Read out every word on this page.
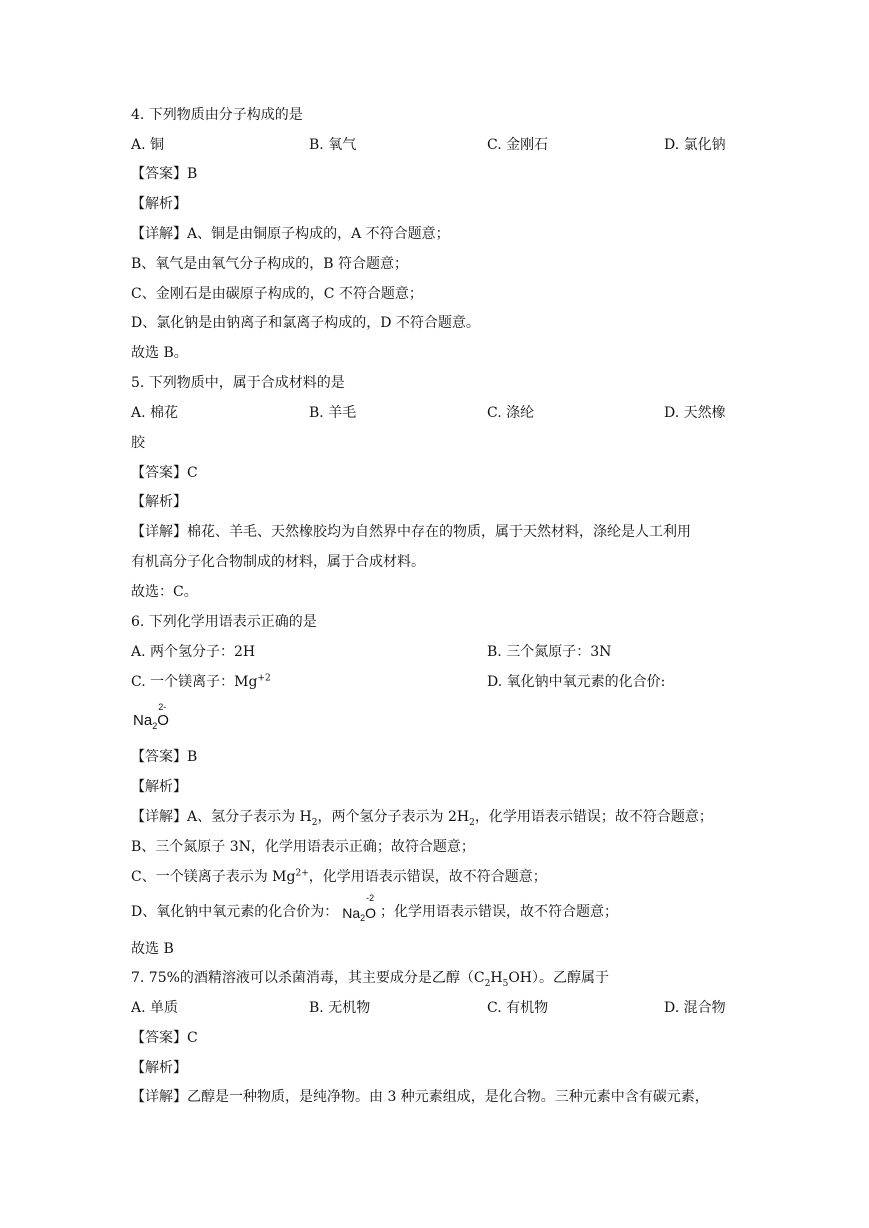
4. 下列物质由分子构成的是
A. 铜	B. 氧气	C. 金刚石	D. 氯化钠
【答案】B
【解析】
【详解】A、铜是由铜原子构成的，A 不符合题意；
B、氧气是由氧气分子构成的，B 符合题意；
C、金刚石是由碳原子构成的，C 不符合题意；
D、氯化钠是由钠离子和氯离子构成的，D 不符合题意。
故选 B。
5. 下列物质中，属于合成材料的是
A. 棉花	B. 羊毛	C. 涤纶	D. 天然橡
胶
【答案】C
【解析】
【详解】棉花、羊毛、天然橡胶均为自然界中存在的物质，属于天然材料，涤纶是人工利用
有机高分子化合物制成的材料，属于合成材料。
故选：C。
6. 下列化学用语表示正确的是
A. 两个氢分子：2H	B. 三个氮原子：3N
C. 一个镁离子：$Mg^{+2}$	D. 氧化钠中氧元素的化合价:
$Na_2$
2-
O
【答案】B
【解析】
【详解】A、氢分子表示为 $H_2$，两个氢分子表示为 $2H_2$，化学用语表示错误；故不符合题意；
B、三个氮原子 3N，化学用语表示正确；故符合题意；
C、一个镁离子表示为 $Mg^{2+}$，化学用语表示错误，故不符合题意；
D、氧化钠中氧元素的化合价为： $Na_2$
-2
O ；化学用语表示错误，故不符合题意；
故选 B
7. 75%的酒精溶液可以杀菌消毒，其主要成分是乙醇$(C_2H_5OH)$。乙醇属于
A. 单质	B. 无机物	C. 有机物	D. 混合物
【答案】C
【解析】
【详解】乙醇是一种物质，是纯净物。由 3 种元素组成，是化合物。三种元素中含有碳元素，
